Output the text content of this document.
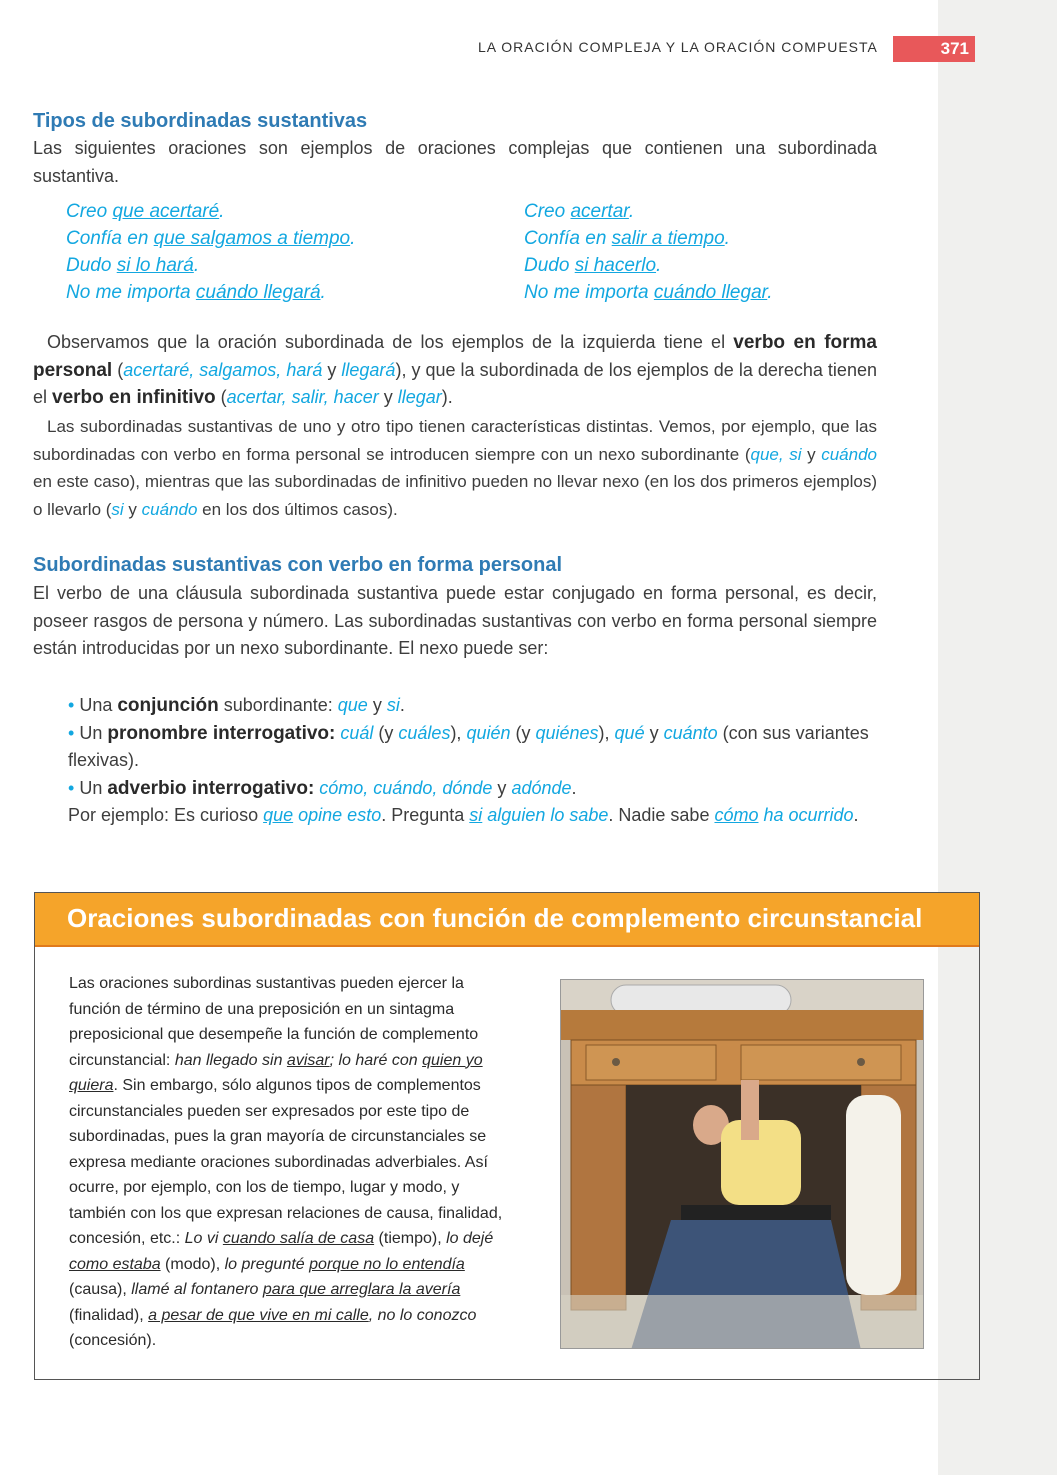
LA ORACIÓN COMPLEJA Y LA ORACIÓN COMPUESTA	371
Tipos de subordinadas sustantivas
Las siguientes oraciones son ejemplos de oraciones complejas que contienen una subordinada sustantiva.
Creo que acertaré.
Confía en que salgamos a tiempo.
Dudo si lo hará.
No me importa cuándo llegará.
Creo acertar.
Confía en salir a tiempo.
Dudo si hacerlo.
No me importa cuándo llegar.
Observamos que la oración subordinada de los ejemplos de la izquierda tiene el verbo en forma personal (acertaré, salgamos, hará y llegará), y que la subordinada de los ejemplos de la derecha tienen el verbo en infinitivo (acertar, salir, hacer y llegar).
Las subordinadas sustantivas de uno y otro tipo tienen características distintas. Vemos, por ejemplo, que las subordinadas con verbo en forma personal se introducen siempre con un nexo subordinante (que, si y cuándo en este caso), mientras que las subordinadas de infinitivo pueden no llevar nexo (en los dos primeros ejemplos) o llevarlo (si y cuándo en los dos últimos casos).
Subordinadas sustantivas con verbo en forma personal
El verbo de una cláusula subordinada sustantiva puede estar conjugado en forma personal, es decir, poseer rasgos de persona y número. Las subordinadas sustantivas con verbo en forma personal siempre están introducidas por un nexo subordinante. El nexo puede ser:
• Una conjunción subordinante: que y si.
• Un pronombre interrogativo: cuál (y cuáles), quién (y quiénes), qué y cuánto (con sus variantes flexivas).
• Un adverbio interrogativo: cómo, cuándo, dónde y adónde.
Por ejemplo: Es curioso que opine esto. Pregunta si alguien lo sabe. Nadie sabe cómo ha ocurrido.
Oraciones subordinadas con función de complemento circunstancial
Las oraciones subordinas sustantivas pueden ejercer la función de término de una preposición en un sintagma preposicional que desempeñe la función de complemento circunstancial: han llegado sin avisar; lo haré con quien yo quiera. Sin embargo, sólo algunos tipos de complementos circunstanciales pueden ser expresados por este tipo de subordinadas, pues la gran mayoría de circunstanciales se expresa mediante oraciones subordinadas adverbiales. Así ocurre, por ejemplo, con los de tiempo, lugar y modo, y también con los que expresan relaciones de causa, finalidad, concesión, etc.: Lo vi cuando salía de casa (tiempo), lo dejé como estaba (modo), lo pregunté porque no lo entendía (causa), llamé al fontanero para que arreglara la avería (finalidad), a pesar de que vive en mi calle, no lo conozco (concesión).
